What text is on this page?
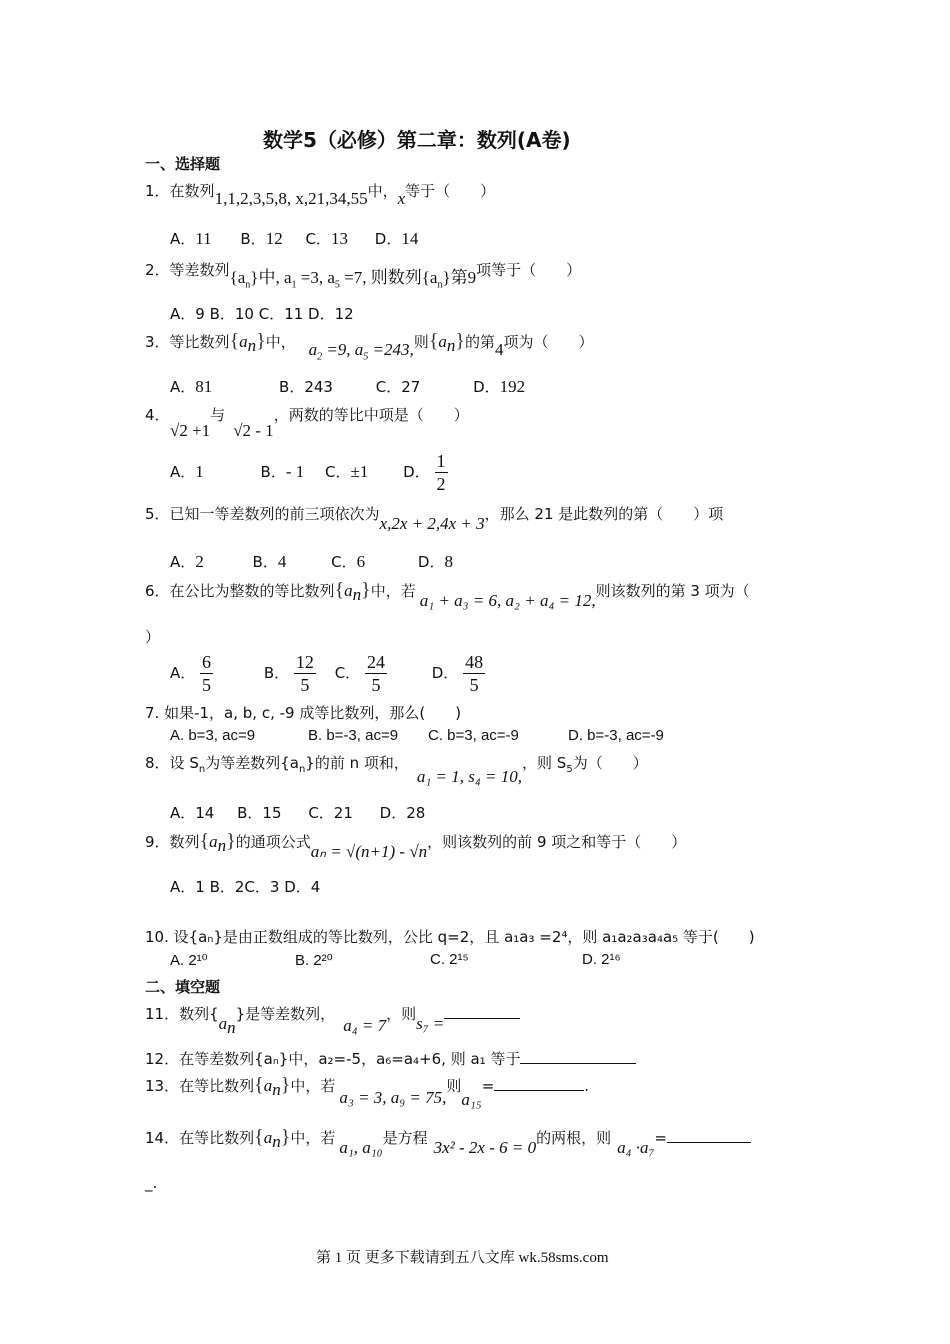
数学5（必修）第二章：数列(A卷)
一、选择题
1．在数列1,1,2,3,5,8, x,21,34,55中，x等于（　　）
A．11 B．12 C．13 D．14
2．等差数列$\{a_n\}$中, $a_1 =3$, $a_5 =7$, 则数列$\{a_n\}$第9项等于（　　）
A．9 B．10 C．11 D．12
3．等比数列$\{a_n\}$中， $a_2 =9$, $a_5 =243$,则$\{a_n\}$的第4项为（　　）
A．81	B．243	C．27	D．192
4．
√2 +1与√2 - 1，两数的等比中项是（　　）
A．1	B．- 1 C．±1 D． $\frac{1}{2}$
5．已知一等差数列的前三项依次为x,2x + 2,4x + 3，那么 21 是此数列的第（　　）项
A．2	B．4	C．6	D．8
6．在公比为整数的等比数列$\{a_n\}$中，若 a₁ + a₃ = 6, a₂ + a₄ = 12,则该数列的第 3 项为（
）
A． $\frac{6}{5}$	B． $\frac{12}{5}$ C． $\frac{24}{5}$	D． $\frac{48}{5}$
7. 如果-1，a, b, c, -9 成等比数列，那么(　　)
A. b=3, ac=9	B. b=-3, ac=9 C. b=3, ac=-9	D. b=-3, ac=-9
8．设 $S_n$为等差数列$\{a_n\}$的前 n 项和，a₁ = 1, s₄ = 10,，则 $S_5$为（　　）
A．14 B．15 C．21 D．28
9．数列$\{a_n\}$的通项公式aₙ = √(n+1) - √n，则该数列的前 9 项之和等于（　　）
A．1 B．2C．3 D．4
10. 设{aₙ}是由正数组成的等比数列，公比 q=2，且 a₁a₃ =2⁴，则 a₁a₂a₃a₄a₅ 等于(　　)
A. 2¹⁰	B. 2²⁰	C. 2¹⁵	D. 2¹⁶
二、填空题
11．数列$\{a_n\}$是等差数列，a₄ = 7，则s₇ =
12．在等差数列{aₙ}中，a₂=-5，a₆=a₄+6, 则 a₁ 等于
13．在等比数列$\{a_n\}$中，若a₃ = 3, a₉ = 75,则a₁₅=	.
14．在等比数列$\{a_n\}$中，若 a₁, a₁₀是方程 3x² - 2x - 6 = 0的两根，则 a₄ ·a₇=
_.
第 1 页 更多下载请到五八文库 wk.58sms.com
